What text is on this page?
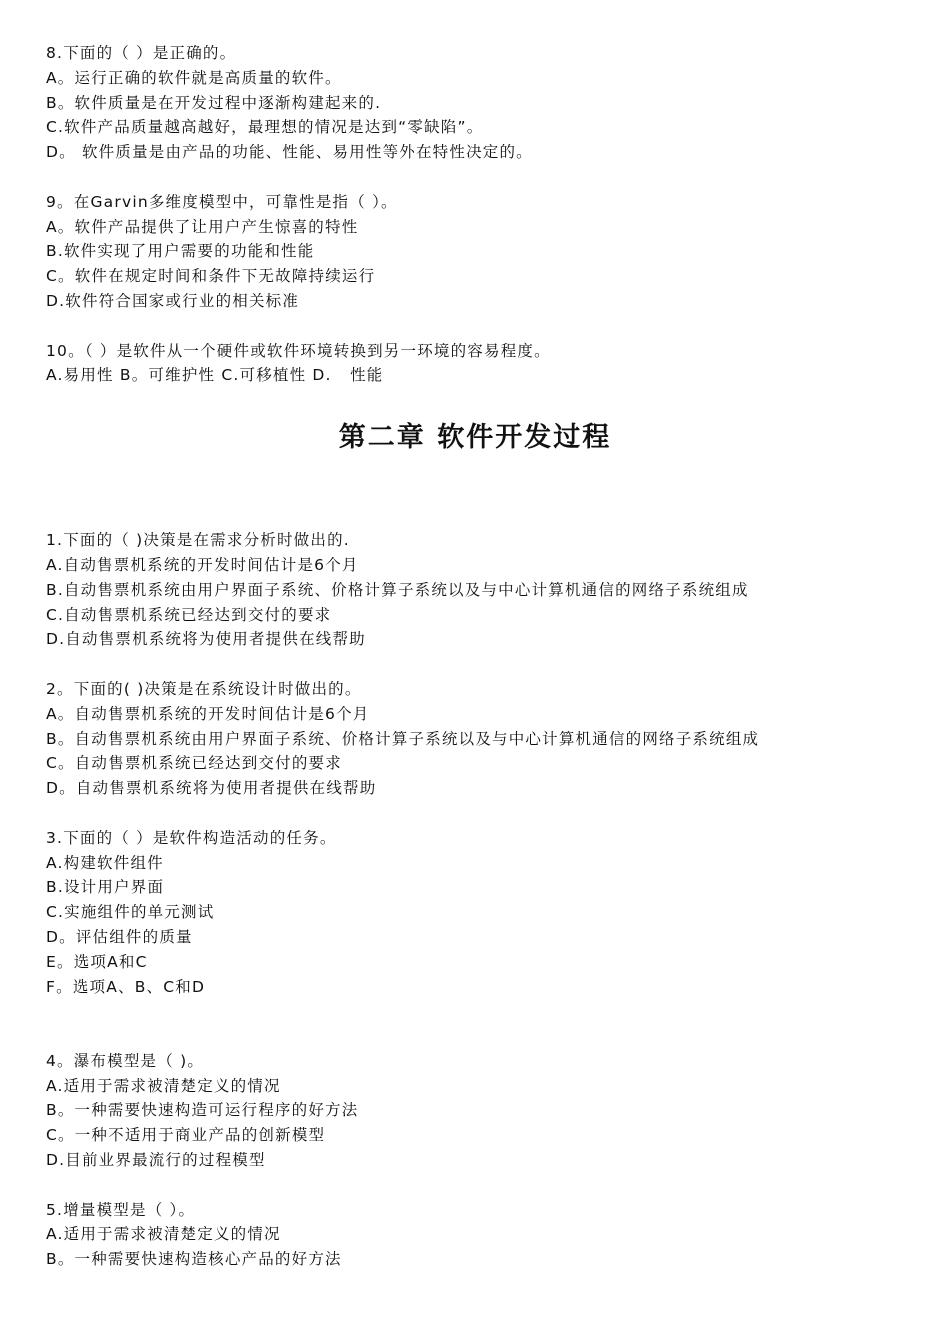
8.下面的（ ）是正确的。
A。运行正确的软件就是高质量的软件。
B。软件质量是在开发过程中逐渐构建起来的.
C.软件产品质量越高越好，最理想的情况是达到“零缺陷”。
D。 软件质量是由产品的功能、性能、易用性等外在特性决定的。
9。在Garvin多维度模型中，可靠性是指（ ）。
A。软件产品提供了让用户产生惊喜的特性
B.软件实现了用户需要的功能和性能
C。软件在规定时间和条件下无故障持续运行
D.软件符合国家或行业的相关标准
10。（ ）是软件从一个硬件或软件环境转换到另一环境的容易程度。
A.易用性 B。可维护性 C.可移植性 D.   性能
第二章 软件开发过程
1.下面的（ )决策是在需求分析时做出的.
A.自动售票机系统的开发时间估计是6个月
B.自动售票机系统由用户界面子系统、价格计算子系统以及与中心计算机通信的网络子系统组成
C.自动售票机系统已经达到交付的要求
D.自动售票机系统将为使用者提供在线帮助
2。下面的( )决策是在系统设计时做出的。
A。自动售票机系统的开发时间估计是6个月
B。自动售票机系统由用户界面子系统、价格计算子系统以及与中心计算机通信的网络子系统组成
C。自动售票机系统已经达到交付的要求
D。自动售票机系统将为使用者提供在线帮助
3.下面的（ ）是软件构造活动的任务。
A.构建软件组件
B.设计用户界面
C.实施组件的单元测试
D。评估组件的质量
E。选项A和C
F。选项A、B、C和D
4。瀑布模型是（ )。
A.适用于需求被清楚定义的情况
B。一种需要快速构造可运行程序的好方法
C。一种不适用于商业产品的创新模型
D.目前业界最流行的过程模型
5.增量模型是（ ）。
A.适用于需求被清楚定义的情况
B。一种需要快速构造核心产品的好方法
